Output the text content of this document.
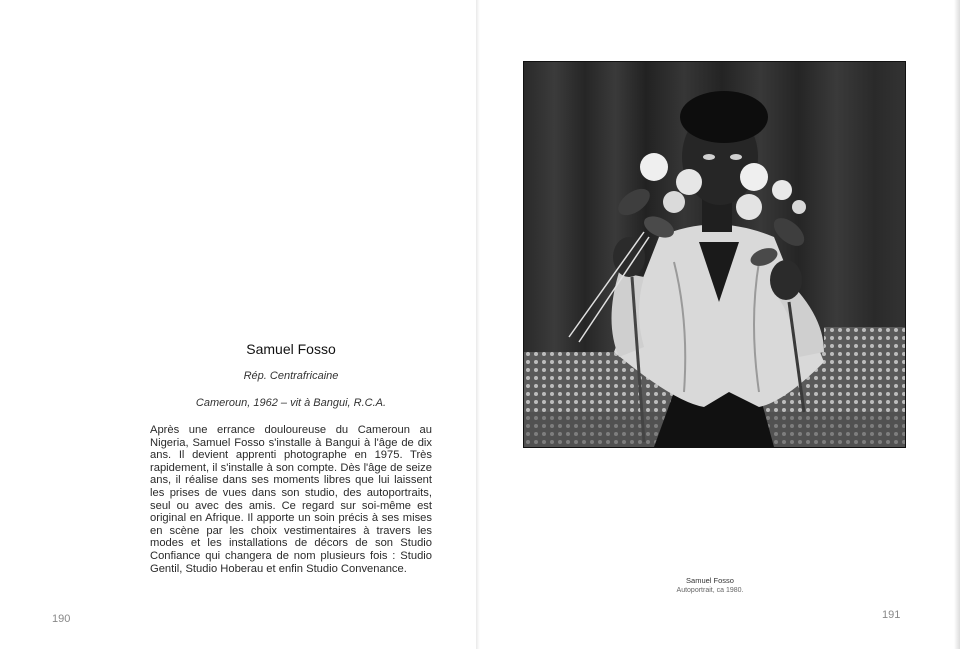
Samuel Fosso

Rép. Centrafricaine

Cameroun, 1962 – vit à Bangui, R.C.A.

Après une errance douloureuse du Cameroun au Nigeria, Samuel Fosso s'installe à Bangui à l'âge de dix ans. Il devient apprenti photographe en 1975. Très rapidement, il s'installe à son compte. Dès l'âge de seize ans, il réalise dans ses moments libres que lui laissent les prises de vues dans son studio, des autoportraits, seul ou avec des amis. Ce regard sur soi-même est original en Afrique. Il apporte un soin précis à ses mises en scène par les choix vestimentaires à travers les modes et les installations de décors de son Studio Confiance qui changera de nom plusieurs fois : Studio Gentil, Studio Hoberau et enfin Studio Convenance.

190

Samuel Fosso

Autoportrait, ca 1980.

191
